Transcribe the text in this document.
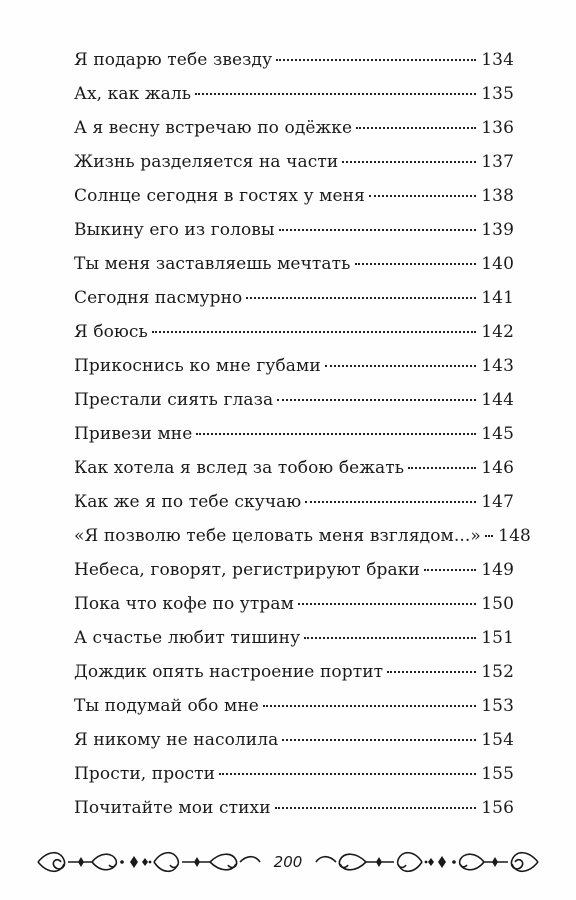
Я подарю тебе звезду	134
Ах, как жаль	135
А я весну встречаю по одёжке	136
Жизнь разделяется на части	137
Солнце сегодня в гостях у меня	138
Выкину его из головы	139
Ты меня заставляешь мечтать	140
Сегодня пасмурно	141
Я боюсь	142
Прикоснись ко мне губами	143
Престали сиять глаза	144
Привези мне	145
Как хотела я вслед за тобою бежать	146
Как же я по тебе скучаю	147
«Я позволю тебе целовать меня взглядом...» 148
Небеса, говорят, регистрируют браки	149
Пока что кофе по утрам	150
А счастье любит тишину	151
Дождик опять настроение портит	152
Ты подумай обо мне	153
Я никому не насолила	154
Прости, прости	155
Почитайте мои стихи	156
200
